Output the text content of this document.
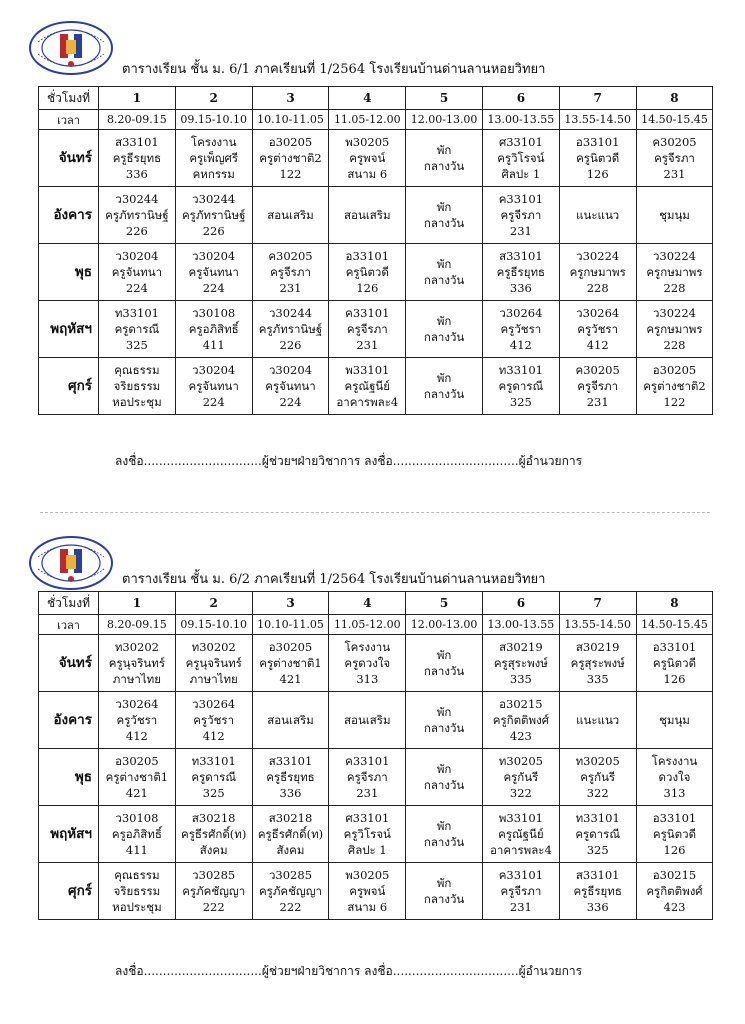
ตารางเรียน ชั้น ม. 6/1 ภาคเรียนที่ 1/2564 โรงเรียนบ้านด่านลานหอยวิทยา
ชั่วโมงที่	1	2	3	4	5	6	7	8
เวลา	8.20-09.15	09.15-10.10	10.10-11.05	11.05-12.00	12.00-13.00	13.00-13.55	13.55-14.50	14.50-15.45
จันทร์	ส33101
ครูธีรยุทธ
336	โครงงาน
ครูเพ็ญศรี
คหกรรม	อ30205
ครูต่างชาติ2
122	พ30205
ครูพจน์
สนาม 6	พัก
กลางวัน	ศ33101
ครูวิโรจน์
ศิลปะ 1	อ33101
ครูนิตวดี
126	ค30205
ครูจีรภา
231

อังคาร	ว30244
ครูภัทรานิษฐ์
226	ว30244
ครูภัทรานิษฐ์
226	สอนเสริม	สอนเสริม	พัก
กลางวัน	ค33101
ครูจีรภา
231	แนะแนว	ชุมนุม

พุธ	ว30204
ครูจันทนา
224	ว30204
ครูจันทนา
224	ค30205
ครูจีรภา
231	อ33101
ครูนิตวดี
126	พัก
กลางวัน	ส33101
ครูธีรยุทธ
336	ว30224
ครูกษมาพร
228	ว30224
ครูกษมาพร
228

พฤหัสฯ	ท33101
ครูดารณี
325	ว30108
ครูอภิสิทธิ์
411	ว30244
ครูภัทรานิษฐ์
226	ค33101
ครูจีรภา
231	พัก
กลางวัน	ว30264
ครูวัชรา
412	ว30264
ครูวัชรา
412	ว30224
ครูกษมาพร
228

ศุกร์	คุณธรรม
จริยธรรม
หอประชุม	ว30204
ครูจันทนา
224	ว30204
ครูจันทนา
224	พ33101
ครูณัฐนีย์
อาคารพละ4	พัก
กลางวัน	ท33101
ครูดารณี
325	ค30205
ครูจีรภา
231	อ30205
ครูต่างชาติ2
122
ลงชื่อ...............................ผู้ช่วยฯฝ่ายวิชาการ ลงชื่อ.................................ผู้อำนวยการ
ตารางเรียน ชั้น ม. 6/2 ภาคเรียนที่ 1/2564 โรงเรียนบ้านด่านลานหอยวิทยา
ชั่วโมงที่	1	2	3	4	5	6	7	8
เวลา	8.20-09.15	09.15-10.10	10.10-11.05	11.05-12.00	12.00-13.00	13.00-13.55	13.55-14.50	14.50-15.45
จันทร์	ท30202
ครูนุจรินทร์
ภาษาไทย	ท30202
ครูนุจรินทร์
ภาษาไทย	อ30205
ครูต่างชาติ1
421	โครงงาน
ครูดวงใจ
313	พัก
กลางวัน	ส30219
ครูสุระพงษ์
335	ส30219
ครูสุระพงษ์
335	อ33101
ครูนิตวดี
126

อังคาร	ว30264
ครูวัชรา
412	ว30264
ครูวัชรา
412	สอนเสริม	สอนเสริม	พัก
กลางวัน	อ30215
ครูกิตติพงศ์
423	แนะแนว	ชุมนุม

พุธ	อ30205
ครูต่างชาติ1
421	ท33101
ครูดารณี
325	ส33101
ครูธีรยุทธ
336	ค33101
ครูจีรภา
231	พัก
กลางวัน	ท30205
ครูกันรี
322	ท30205
ครูกันรี
322	โครงงาน
ดวงใจ
313

พฤหัสฯ	ว30108
ครูอภิสิทธิ์
411	ส30218
ครูธีรศักดิ์(ท)
สังคม	ส30218
ครูธีรศักดิ์(ท)
สังคม	ศ33101
ครูวิโรจน์
ศิลปะ 1	พัก
กลางวัน	พ33101
ครูณัฐนีย์
อาคารพละ4	ท33101
ครูดารณี
325	อ33101
ครูนิตวดี
126

ศุกร์	คุณธรรม
จริยธรรม
หอประชุม	ว30285
ครูภัคชัญญา
222	ว30285
ครูภัคชัญญา
222	พ30205
ครูพจน์
สนาม 6	พัก
กลางวัน	ค33101
ครูจีรภา
231	ส33101
ครูธีรยุทธ
336	อ30215
ครูกิตติพงศ์
423
ลงชื่อ...............................ผู้ช่วยฯฝ่ายวิชาการ ลงชื่อ.................................ผู้อำนวยการ
